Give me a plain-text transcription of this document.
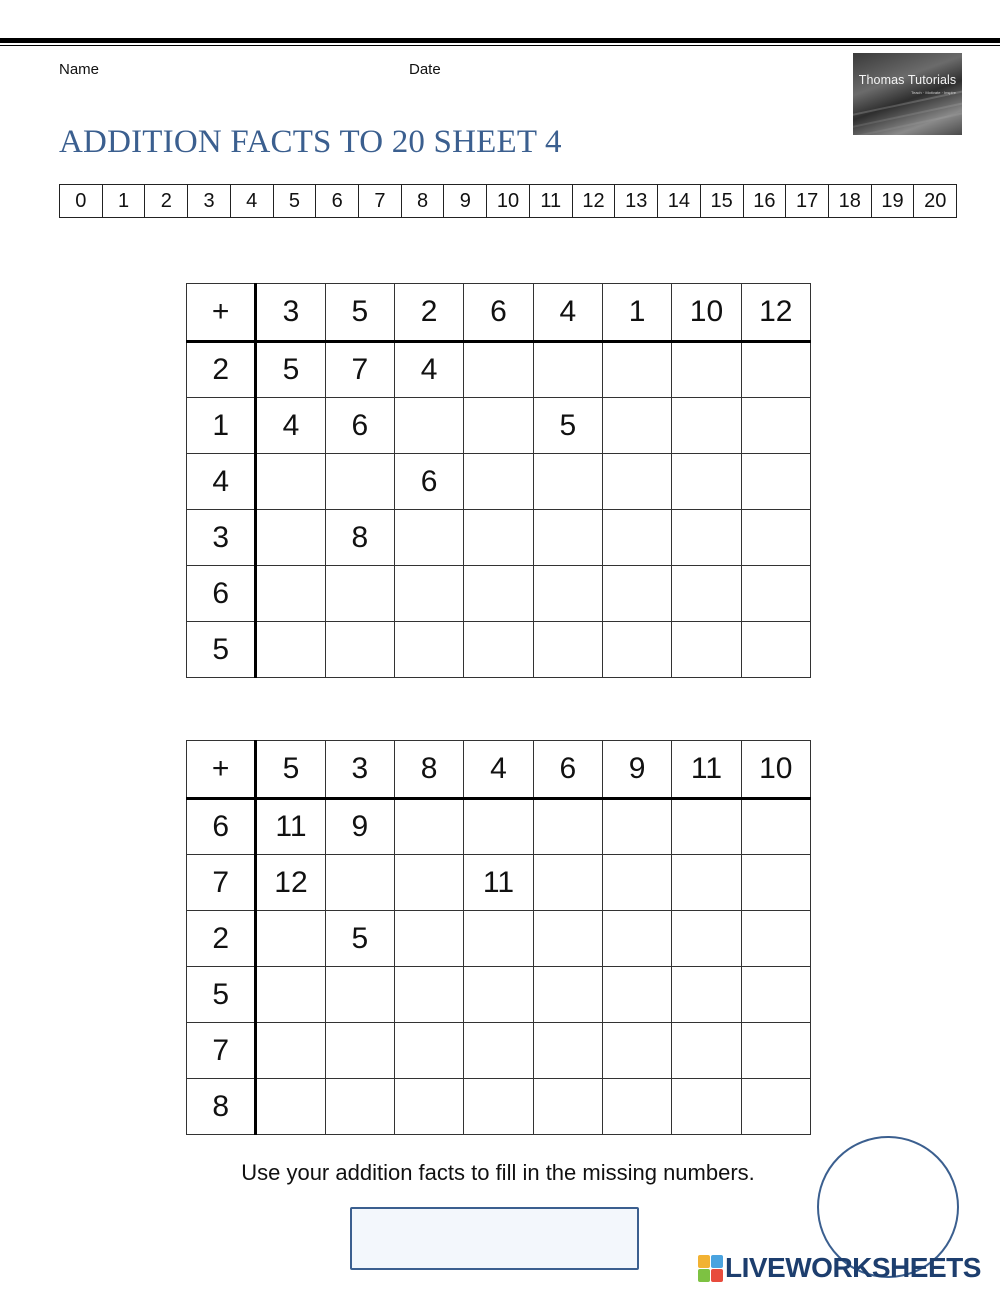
Name	Date
Thomas Tutorials
Teach · Motivate · Inspire
ADDITION FACTS TO 20 SHEET 4
0	1	2	3	4	5	6	7	8	9	10	11	12	13	14	15	16	17	18	19	20
+	3	5	2	6	4	1	10	12
2	5	7	4					
1	4	6			5			
4			6					
3		8						
6								
5								
+	5	3	8	4	6	9	11	10
6	11	9						
7	12			11				
2		5						
5								
7								
8								
Use your addition facts to fill in the missing numbers.
LIVEWORKSHEETS
